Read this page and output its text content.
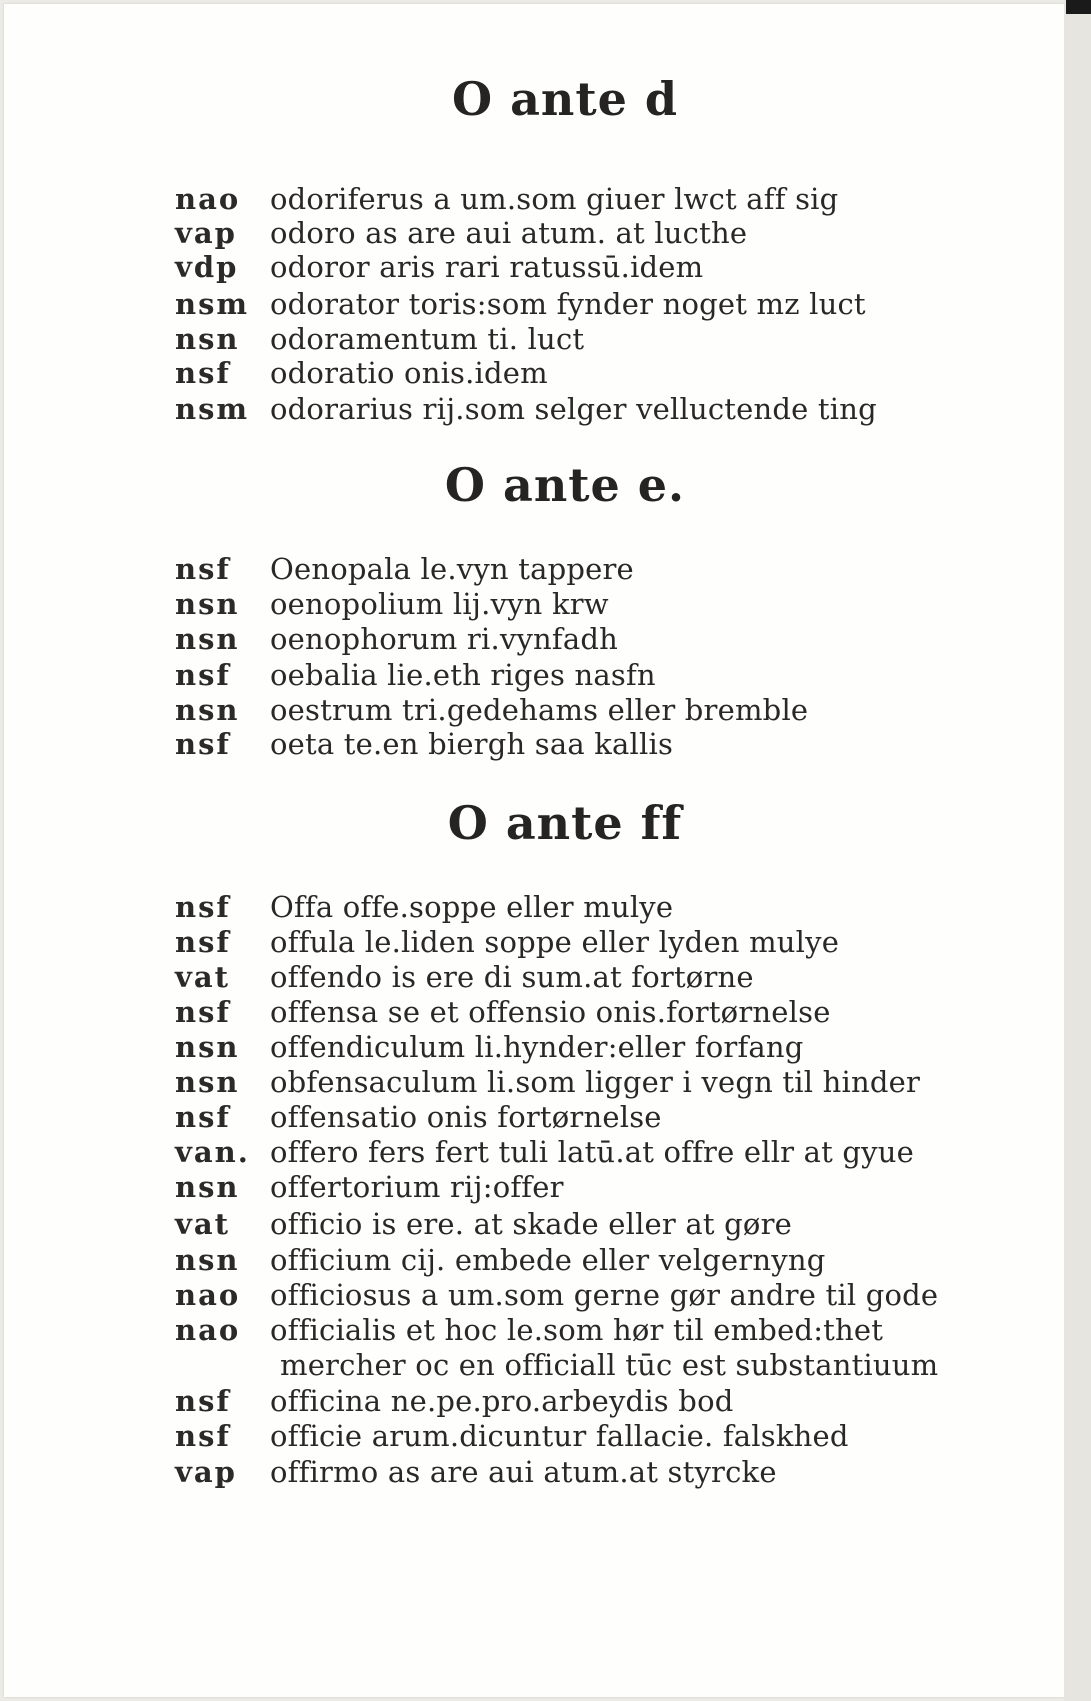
O ante d
nao	odoriferus a um.som giuer lwct aff sig
vap	odoro as are aui atum. at lucthe
vdp	odoror aris rari ratussū.idem
nsm odorator toris:som fynder noget mz luct
nsn	odoramentum ti. luct
nsf	odoratio onis.idem
nsm odorarius rij.som selger velluctende ting
O ante e.
nsf	Oenopala le.vyn tappere
nsn	oenopolium lij.vyn krw
nsn	oenophorum ri.vynfadh
nsf	oebalia lie.eth riges nasfn
nsn	oestrum tri.gedehams eller bremble
nsf	oeta te.en biergh saa kallis
O ante ff
nsf	Offa offe.soppe eller mulye
nsf	offula le.liden soppe eller lyden mulye
vat	offendo is ere di sum.at fortørne
nsf	offensa se et offensio onis.fortørnelse
nsn	offendiculum li.hynder:eller forfang
nsn	obfensaculum li.som ligger i vegn til hinder
nsf	offensatio onis fortørnelse
van. offero fers fert tuli latū.at offre ellr at gyue
nsn	offertorium rij:offer
vat	officio is ere. at skade eller at gøre
nsn	officium cij. embede eller velgernyng
nao	officiosus a um.som gerne gør andre til gode
nao	officialis et hoc le.som hør til embed:thet
mercher oc en officiall tūc est substantiuum
nsf	officina ne.pe.pro.arbeydis bod
nsf	officie arum.dicuntur fallacie. falskhed
vap	offirmo as are aui atum.at styrcke
